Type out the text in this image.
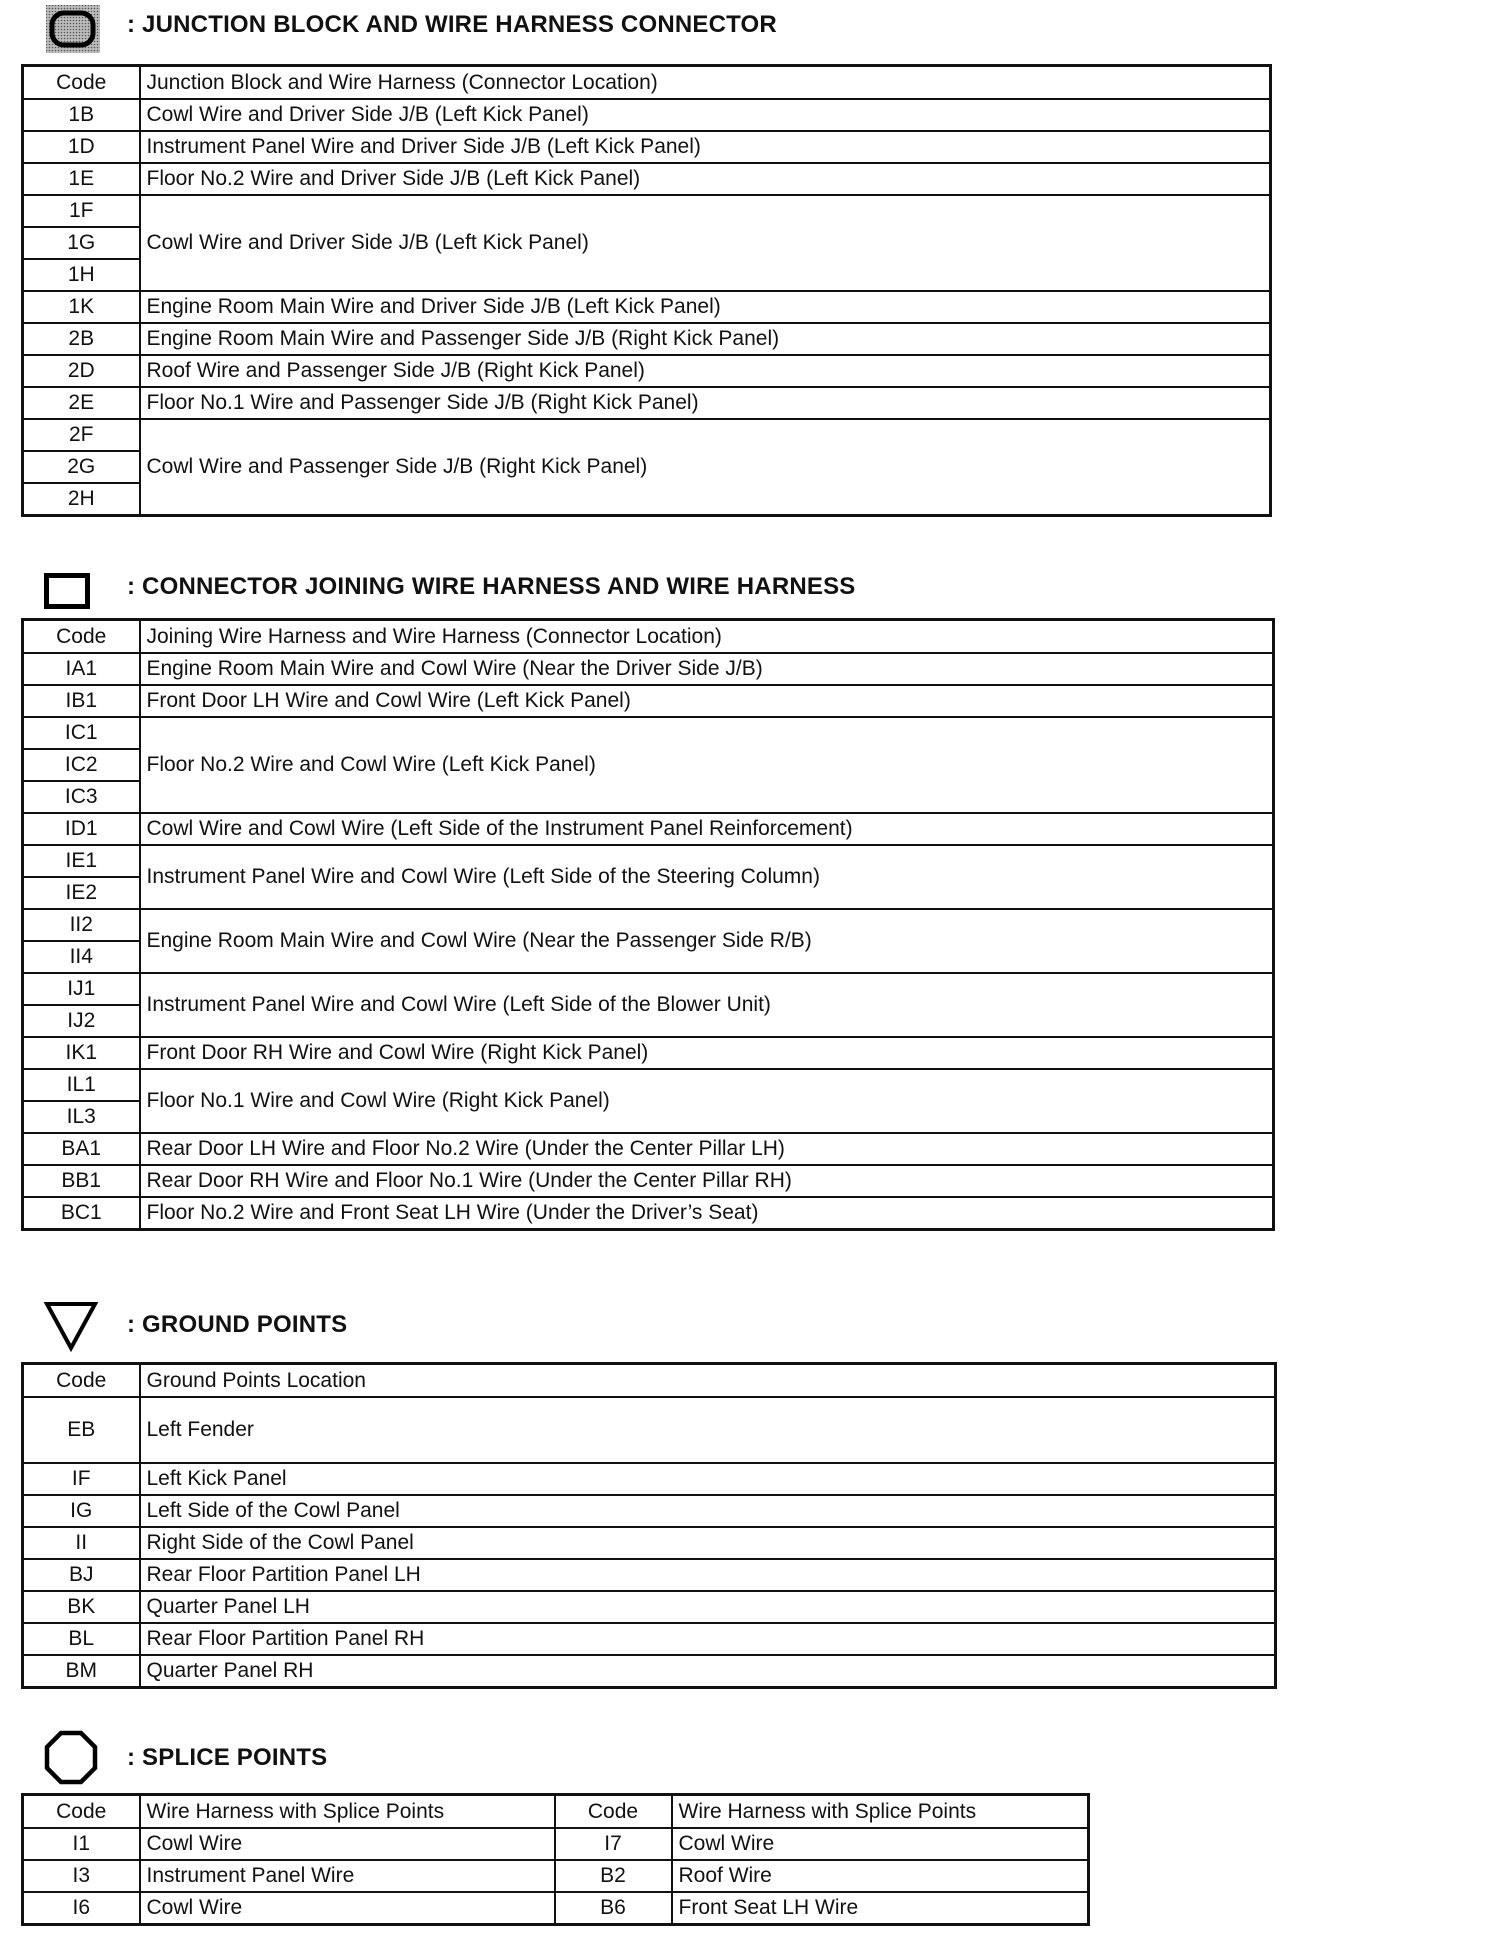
: JUNCTION BLOCK AND WIRE HARNESS CONNECTOR
Code	Junction Block and Wire Harness (Connector Location)
1B	Cowl Wire and Driver Side J/B (Left Kick Panel)
1D	Instrument Panel Wire and Driver Side J/B (Left Kick Panel)
1E	Floor No.2 Wire and Driver Side J/B (Left Kick Panel)
1F	Cowl Wire and Driver Side J/B (Left Kick Panel)
1G	
1H	
1K	Engine Room Main Wire and Driver Side J/B (Left Kick Panel)
2B	Engine Room Main Wire and Passenger Side J/B (Right Kick Panel)
2D	Roof Wire and Passenger Side J/B (Right Kick Panel)
2E	Floor No.1 Wire and Passenger Side J/B (Right Kick Panel)
2F	Cowl Wire and Passenger Side J/B (Right Kick Panel)
2G	
2H	
: CONNECTOR JOINING WIRE HARNESS AND WIRE HARNESS
Code	Joining Wire Harness and Wire Harness (Connector Location)
IA1	Engine Room Main Wire and Cowl Wire (Near the Driver Side J/B)
IB1	Front Door LH Wire and Cowl Wire (Left Kick Panel)
IC1	Floor No.2 Wire and Cowl Wire (Left Kick Panel)
IC2	
IC3	
ID1	Cowl Wire and Cowl Wire (Left Side of the Instrument Panel Reinforcement)
IE1	Instrument Panel Wire and Cowl Wire (Left Side of the Steering Column)
IE2	
II2	Engine Room Main Wire and Cowl Wire (Near the Passenger Side R/B)
II4	
IJ1	Instrument Panel Wire and Cowl Wire (Left Side of the Blower Unit)
IJ2	
IK1	Front Door RH Wire and Cowl Wire (Right Kick Panel)
IL1	Floor No.1 Wire and Cowl Wire (Right Kick Panel)
IL3	
BA1	Rear Door LH Wire and Floor No.2 Wire (Under the Center Pillar LH)
BB1	Rear Door RH Wire and Floor No.1 Wire (Under the Center Pillar RH)
BC1	Floor No.2 Wire and Front Seat LH Wire (Under the Driver’s Seat)
: GROUND POINTS
Code	Ground Points Location
EB	Left Fender
IF	Left Kick Panel
IG	Left Side of the Cowl Panel
II	Right Side of the Cowl Panel
BJ	Rear Floor Partition Panel LH
BK	Quarter Panel LH
BL	Rear Floor Partition Panel RH
BM	Quarter Panel RH
: SPLICE POINTS
Code	Wire Harness with Splice Points	Code	Wire Harness with Splice Points
I1	Cowl Wire	I7	Cowl Wire
I3	Instrument Panel Wire	B2	Roof Wire
I6	Cowl Wire	B6	Front Seat LH Wire
